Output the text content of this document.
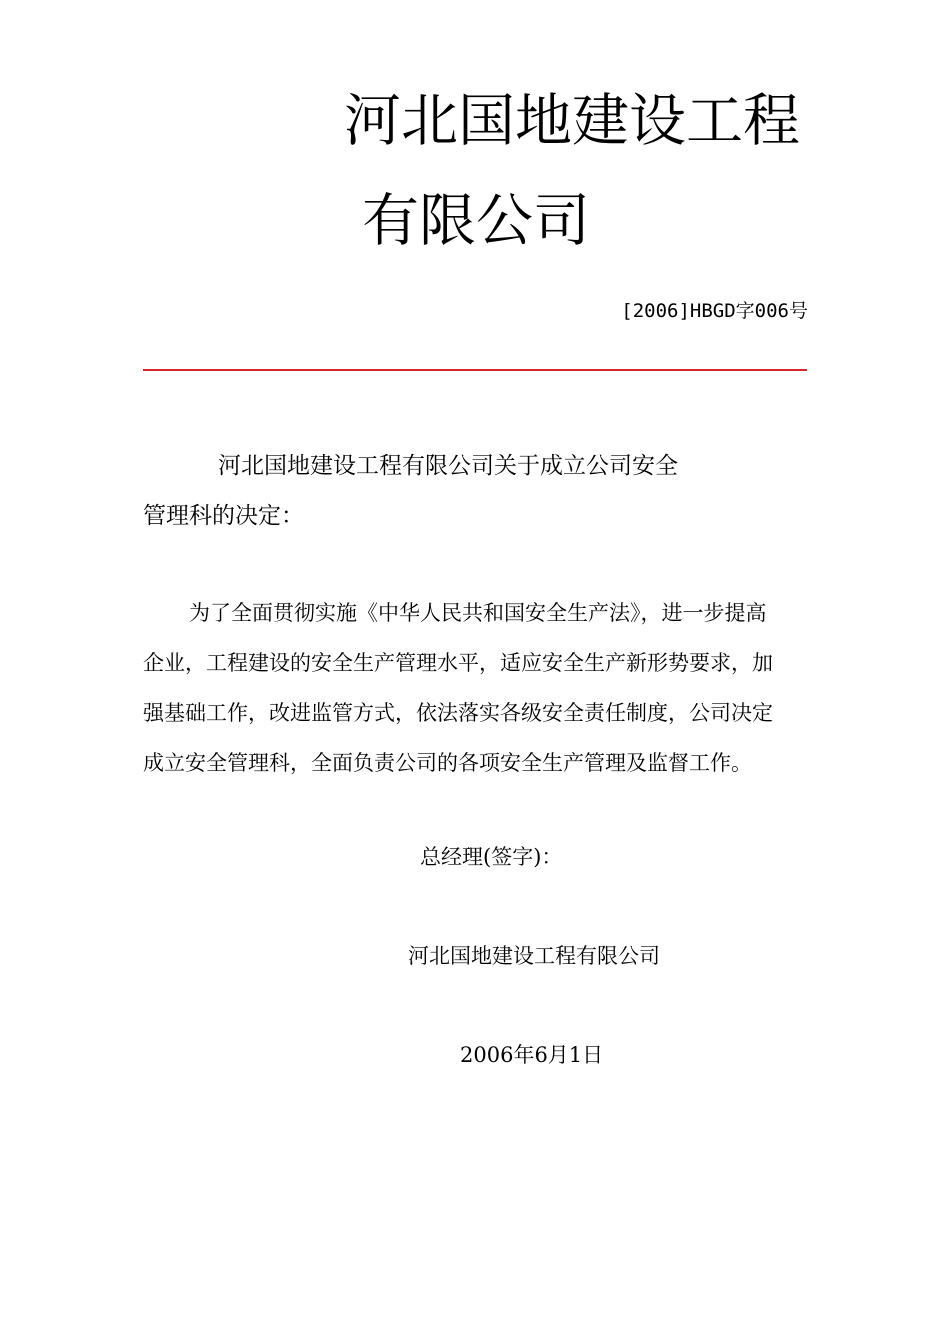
河北国地建设工程
有限公司
[2006]HBGD字006号
河北国地建设工程有限公司关于成立公司安全
管理科的决定：
为了全面贯彻实施《中华人民共和国安全生产法》，进一步提高
企业，工程建设的安全生产管理水平，适应安全生产新形势要求，加
强基础工作，改进监管方式，依法落实各级安全责任制度，公司决定
成立安全管理科，全面负责公司的各项安全生产管理及监督工作。
总经理(签字)：
河北国地建设工程有限公司
2006年6月1日
